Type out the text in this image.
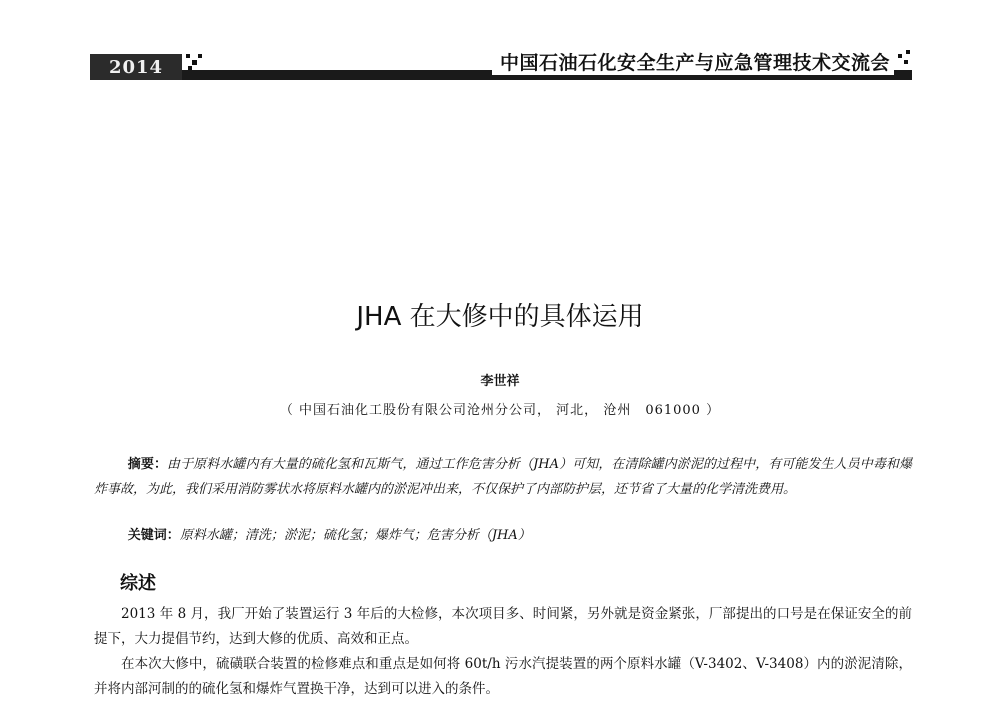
2014	中国石油石化安全生产与应急管理技术交流会
JHA 在大修中的具体运用
李世祥
（ 中国石油化工股份有限公司沧州分公司， 河北， 沧州　061000 ）
摘要：由于原料水罐内有大量的硫化氢和瓦斯气，通过工作危害分析（JHA）可知，在清除罐内淤泥的过程中，有可能发生人员中毒和爆炸事故，为此，我们采用消防雾状水将原料水罐内的淤泥冲出来，不仅保护了内部防护层，还节省了大量的化学清洗费用。
关键词：原料水罐；清洗；淤泥；硫化氢；爆炸气；危害分析（JHA）
综述

2013 年 8 月，我厂开始了装置运行 3 年后的大检修，本次项目多、时间紧，另外就是资金紧张，厂部提出的口号是在保证安全的前提下，大力提倡节约，达到大修的优质、高效和正点。

在本次大修中，硫磺联合装置的检修难点和重点是如何将 60t/h 污水汽提装置的两个原料水罐（V-3402、V-3408）内的淤泥清除，并将内部河制的的硫化氢和爆炸气置换干净，达到可以进入的条件。
